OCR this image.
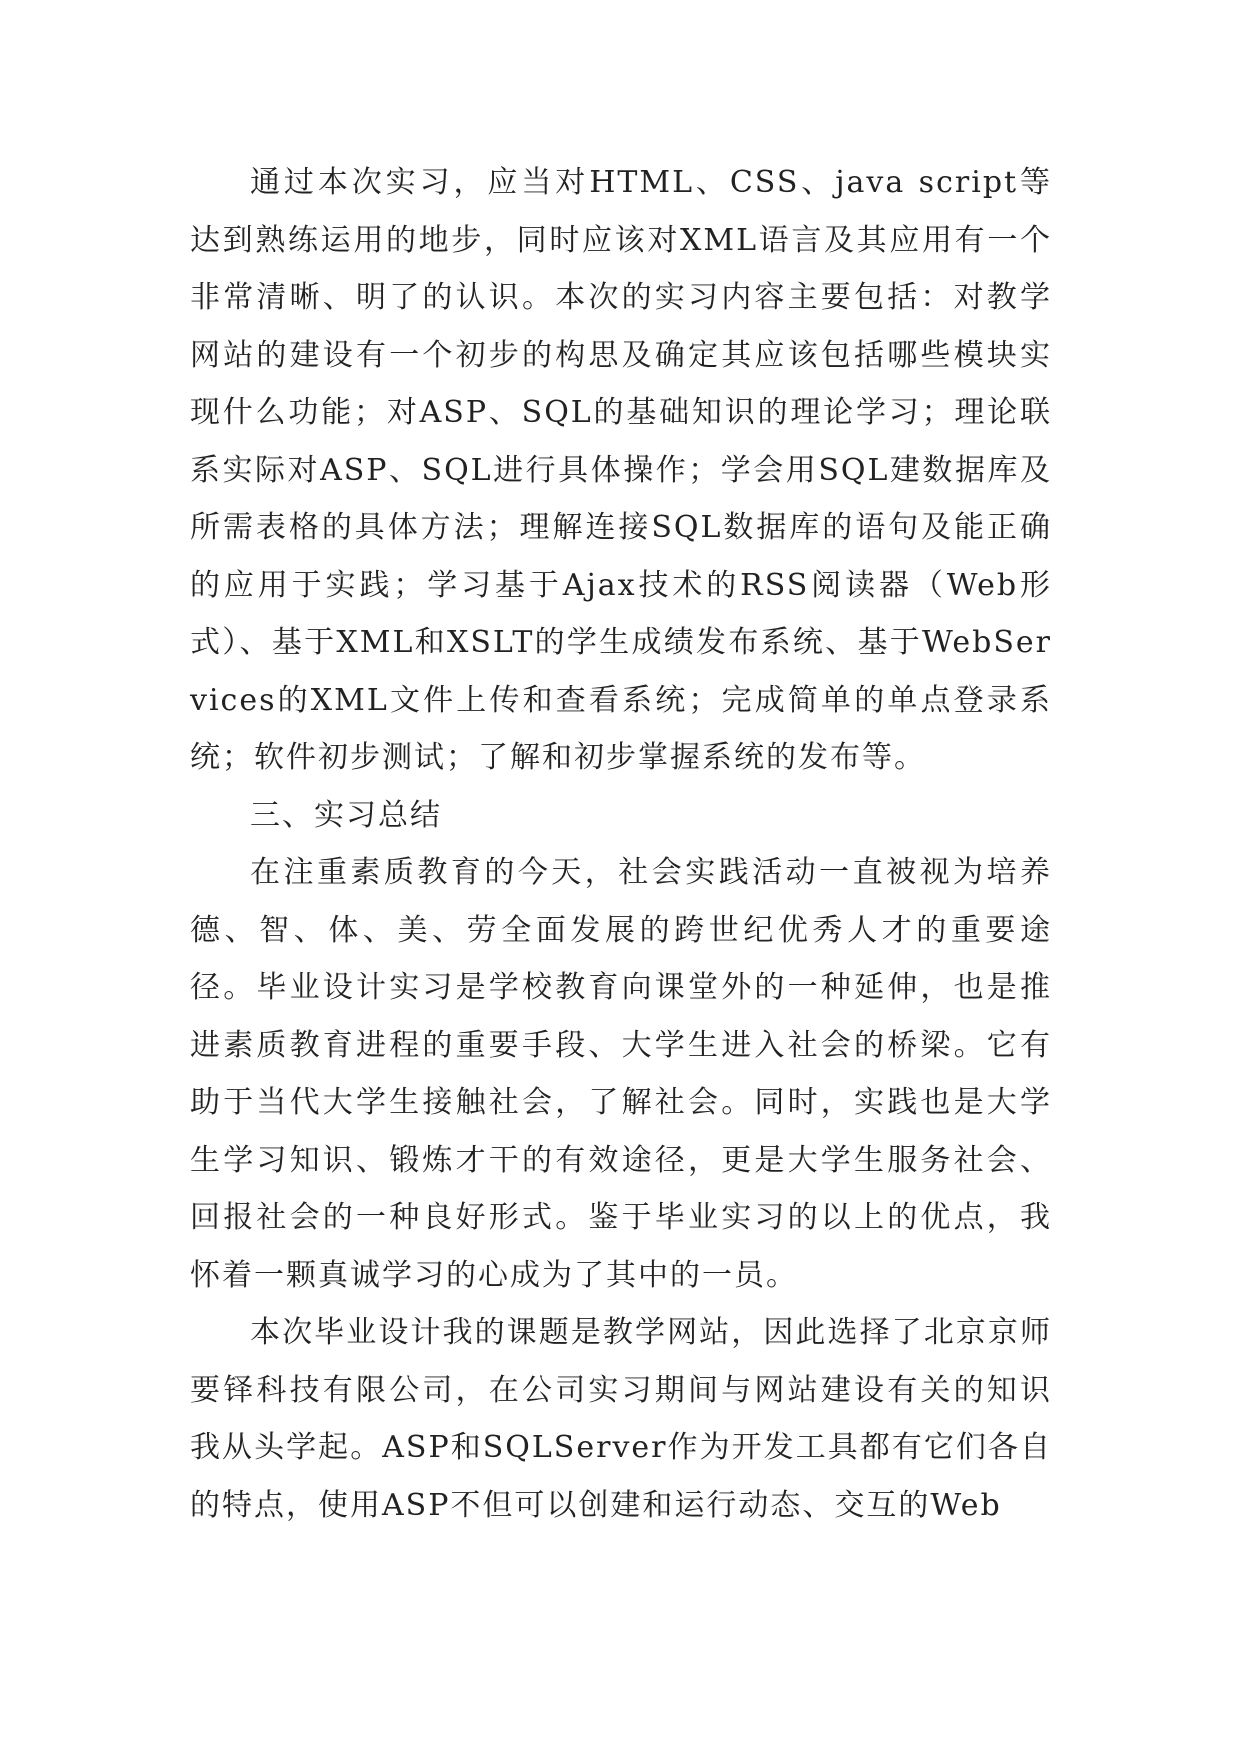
通过本次实习，应当对HTML、CSS、java script等达到熟练运用的地步，同时应该对XML语言及其应用有一个非常清晰、明了的认识。本次的实习内容主要包括：对教学网站的建设有一个初步的构思及确定其应该包括哪些模块实现什么功能；对ASP、SQL的基础知识的理论学习；理论联系实际对ASP、SQL进行具体操作；学会用SQL建数据库及所需表格的具体方法；理解连接SQL数据库的语句及能正确的应用于实践；学习基于Ajax技术的RSS阅读器（Web形式）、基于XML和XSLT的学生成绩发布系统、基于WebServices的XML文件上传和查看系统；完成简单的单点登录系统；软件初步测试；了解和初步掌握系统的发布等。

三、实习总结

在注重素质教育的今天，社会实践活动一直被视为培养德、智、体、美、劳全面发展的跨世纪优秀人才的重要途径。毕业设计实习是学校教育向课堂外的一种延伸，也是推进素质教育进程的重要手段、大学生进入社会的桥梁。它有助于当代大学生接触社会，了解社会。同时，实践也是大学生学习知识、锻炼才干的有效途径，更是大学生服务社会、回报社会的一种良好形式。鉴于毕业实习的以上的优点，我怀着一颗真诚学习的心成为了其中的一员。

本次毕业设计我的课题是教学网站，因此选择了北京京师要铎科技有限公司，在公司实习期间与网站建设有关的知识我从头学起。ASP和SQLServer作为开发工具都有它们各自的特点，使用ASP不但可以创建和运行动态、交互的Web
